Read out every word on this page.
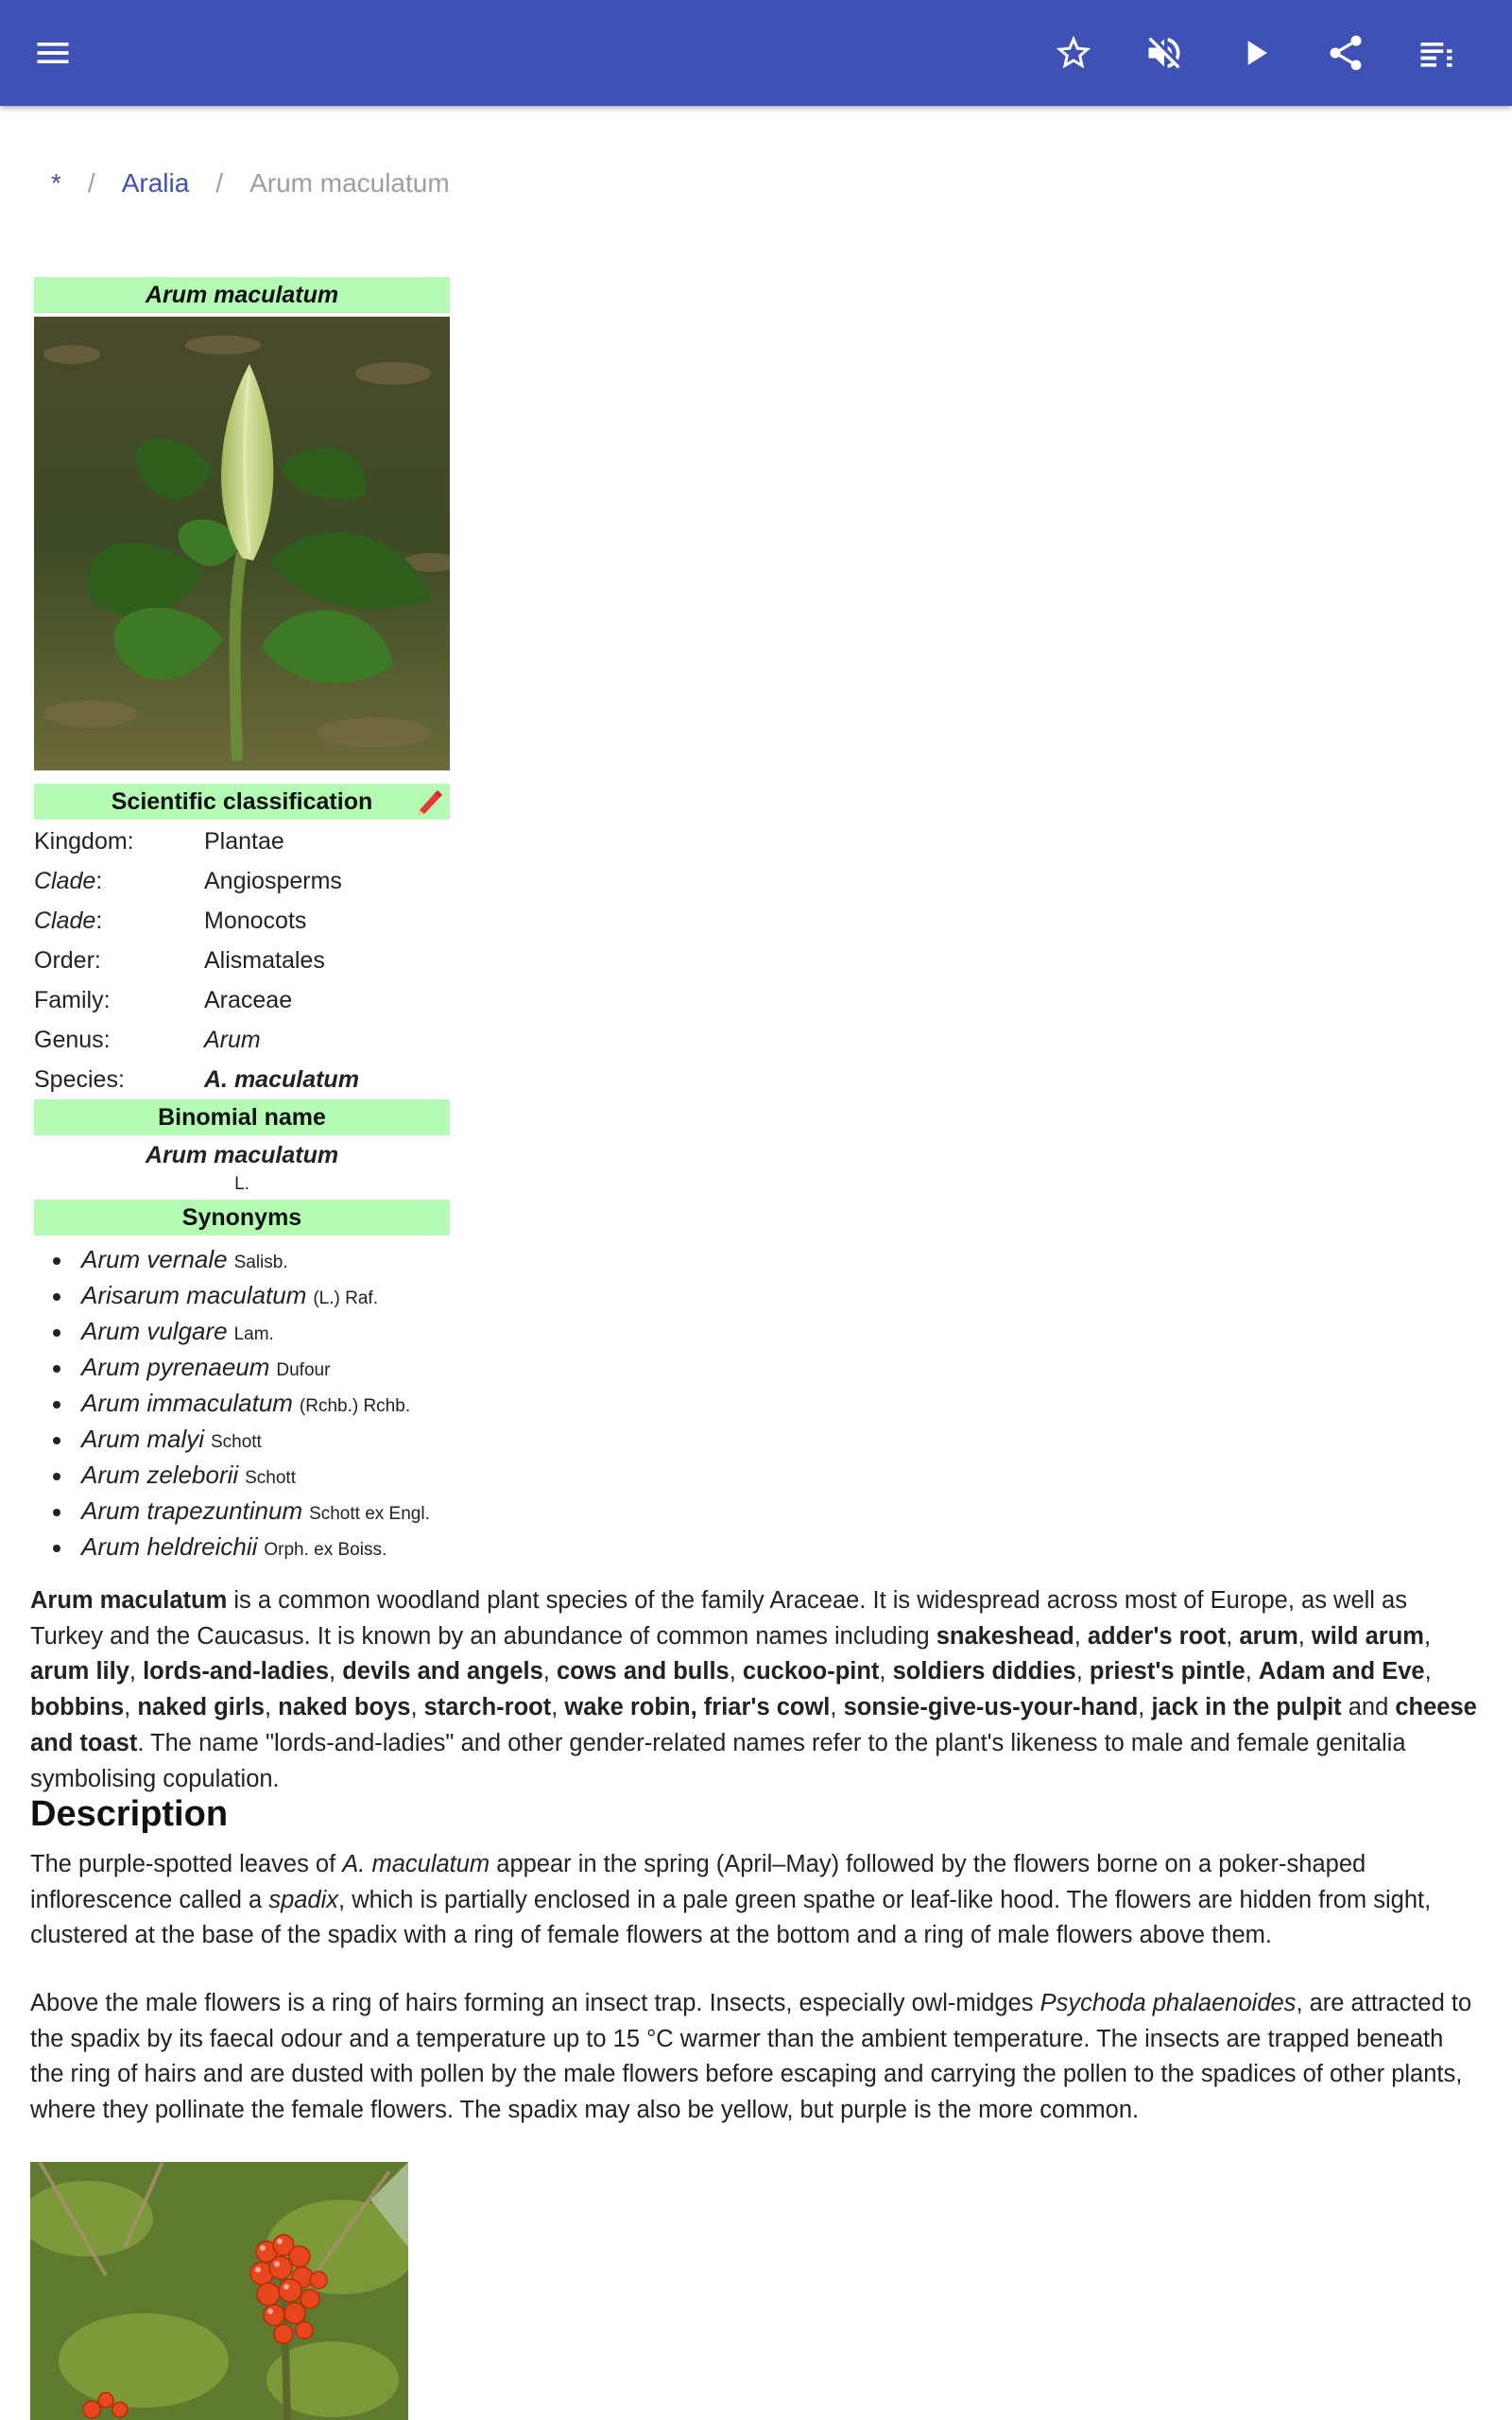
* / Aralia / Arum maculatum
Arum maculatum
Scientific classification
Kingdom:	Plantae
Clade:	Angiosperms
Clade:	Monocots
Order:	Alismatales
Family:	Araceae
Genus:	Arum
Species:	A. maculatum
Binomial name
Arum maculatum
L.
Synonyms
Arum vernale Salisb.
Arisarum maculatum (L.) Raf.
Arum vulgare Lam.
Arum pyrenaeum Dufour
Arum immaculatum (Rchb.) Rchb.
Arum malyi Schott
Arum zeleborii Schott
Arum trapezuntinum Schott ex Engl.
Arum heldreichii Orph. ex Boiss.

Arum maculatum is a common woodland plant species of the family Araceae. It is widespread across most of Europe, as well as Turkey and the Caucasus. It is known by an abundance of common names including snakeshead, adder's root, arum, wild arum, arum lily, lords-and-ladies, devils and angels, cows and bulls, cuckoo-pint, soldiers diddies, priest's pintle, Adam and Eve, bobbins, naked girls, naked boys, starch-root, wake robin, friar's cowl, sonsie-give-us-your-hand, jack in the pulpit and cheese and toast. The name "lords-and-ladies" and other gender-related names refer to the plant's likeness to male and female genitalia symbolising copulation.

Description

The purple-spotted leaves of A. maculatum appear in the spring (April–May) followed by the flowers borne on a poker-shaped inflorescence called a spadix, which is partially enclosed in a pale green spathe or leaf-like hood. The flowers are hidden from sight, clustered at the base of the spadix with a ring of female flowers at the bottom and a ring of male flowers above them.

Above the male flowers is a ring of hairs forming an insect trap. Insects, especially owl-midges Psychoda phalaenoides, are attracted to the spadix by its faecal odour and a temperature up to 15 °C warmer than the ambient temperature. The insects are trapped beneath the ring of hairs and are dusted with pollen by the male flowers before escaping and carrying the pollen to the spadices of other plants, where they pollinate the female flowers. The spadix may also be yellow, but purple is the more common.
